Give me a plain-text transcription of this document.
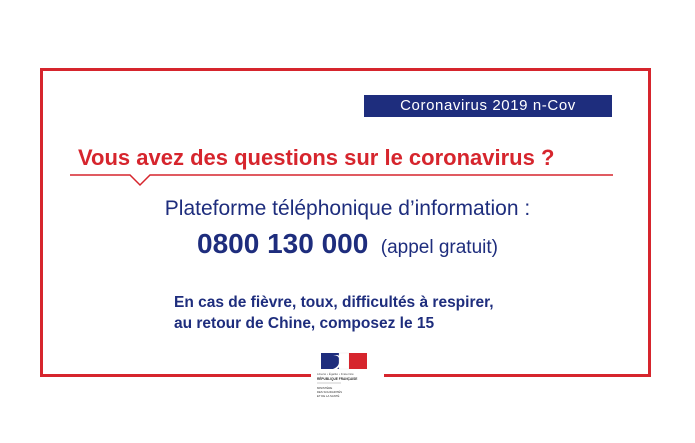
Coronavirus 2019 n-Cov
Vous avez des questions sur le coronavirus ?
Plateforme téléphonique d’information :
0800 130 000 (appel gratuit)
En cas de fièvre, toux, difficultés à respirer,
au retour de Chine, composez le 15
Liberté • Égalité • Fraternité
RÉPUBLIQUE FRANÇAISE
MINISTÈRE
DES SOLIDARITÉS
ET DE LA SANTÉ
